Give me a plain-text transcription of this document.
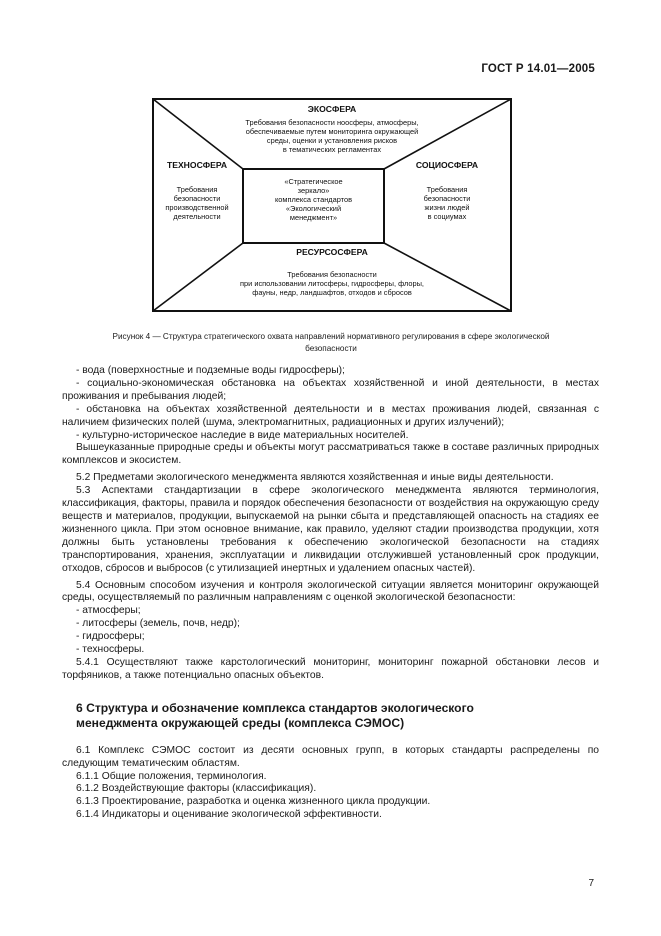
ГОСТ Р 14.01—2005
ЭКОСФЕРА
Требования безопасности ноосферы, атмосферы,
обеспечиваемые путем мониторинга окружающей
среды, оценки и установления рисков
в тематических регламентах
ТЕХНОСФЕРА
Требования
безопасности
производственной
деятельности
СОЦИОСФЕРА
Требования
безопасности
жизни людей
в социумах
«Стратегическое
зеркало»
комплекса стандартов
«Экологический
менеджмент»
РЕСУРСОСФЕРА
Требования безопасности
при использовании литосферы, гидросферы, флоры,
фауны, недр, ландшафтов, отходов и сбросов
Рисунок 4 — Структура стратегического охвата направлений нормативного регулирования в сфере экологической
безопасности

- вода (поверхностные и подземные воды гидросферы);

- социально-экономическая обстановка на объектах хозяйственной и иной деятельности, в местах проживания и пребывания людей;

- обстановка на объектах хозяйственной деятельности и в местах проживания людей, связанная с наличием физических полей (шума, электромагнитных, радиационных и других излучений);

- культурно-историческое наследие в виде материальных носителей.

Вышеуказанные природные среды и объекты могут рассматриваться также в составе различных природных комплексов и экосистем.

5.2 Предметами экологического менеджмента являются хозяйственная и иные виды деятельности.

5.3 Аспектами стандартизации в сфере экологического менеджмента являются терминология, классификация, факторы, правила и порядок обеспечения безопасности от воздействия на окружающую среду веществ и материалов, продукции, выпускаемой на рынки сбыта и представляющей опасность на стадиях ее жизненного цикла. При этом основное внимание, как правило, уделяют стадии производства продукции, хотя должны быть установлены требования к обеспечению экологической безопасности на стадиях транспортирования, хранения, эксплуатации и ликвидации отслужившей установленный срок продукции, отходов, сбросов и выбросов (с утилизацией инертных и удалением опасных частей).

5.4 Основным способом изучения и контроля экологической ситуации является мониторинг окружающей среды, осуществляемый по различным направлениям с оценкой экологической безопасности:

- атмосферы;

- литосферы (земель, почв, недр);

- гидросферы;

- техносферы.

5.4.1 Осуществляют также карстологический мониторинг, мониторинг пожарной обстановки лесов и торфяников, а также потенциально опасных объектов.

6 Структура и обозначение комплекса стандартов экологического
менеджмента окружающей среды (комплекса СЭМОС)

6.1 Комплекс СЭМОС состоит из десяти основных групп, в которых стандарты распределены по следующим тематическим областям.

6.1.1 Общие положения, терминология.

6.1.2 Воздействующие факторы (классификация).

6.1.3 Проектирование, разработка и оценка жизненного цикла продукции.

6.1.4 Индикаторы и оценивание экологической эффективности.

7
